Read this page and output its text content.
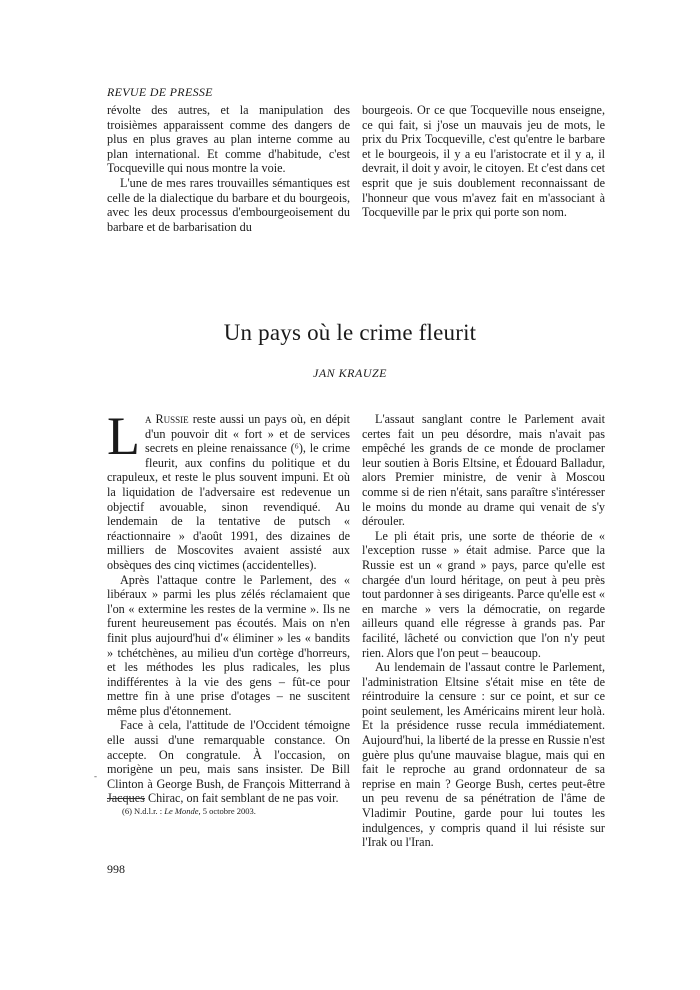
REVUE DE PRESSE

révolte des autres, et la manipulation des troisièmes apparaissent comme des dangers de plus en plus graves au plan interne comme au plan international. Et comme d'habitude, c'est Tocqueville qui nous montre la voie.

L'une de mes rares trouvailles sémantiques est celle de la dialectique du barbare et du bourgeois, avec les deux processus d'embourgeoisement du barbare et de barbarisation du

bourgeois. Or ce que Tocqueville nous enseigne, ce qui fait, si j'ose un mauvais jeu de mots, le prix du Prix Tocqueville, c'est qu'entre le barbare et le bourgeois, il y a eu l'aristocrate et il y a, il devrait, il doit y avoir, le citoyen. Et c'est dans cet esprit que je suis doublement reconnaissant de l'honneur que vous m'avez fait en m'associant à Tocqueville par le prix qui porte son nom.

Un pays où le crime fleurit
JAN KRAUZE

La Russie reste aussi un pays où, en dépit d'un pouvoir dit « fort » et de services secrets en pleine renaissance (⁶), le crime fleurit, aux confins du politique et du crapuleux, et reste le plus souvent impuni. Et où la liquidation de l'adversaire est redevenue un objectif avouable, sinon revendiqué. Au lendemain de la tentative de putsch « réactionnaire » d'août 1991, des dizaines de milliers de Moscovites avaient assisté aux obsèques des cinq victimes (accidentelles).

Après l'attaque contre le Parlement, des « libéraux » parmi les plus zélés réclamaient que l'on « extermine les restes de la vermine ». Ils ne furent heureusement pas écoutés. Mais on n'en finit plus aujourd'hui d'« éliminer » les « bandits » tchétchènes, au milieu d'un cortège d'horreurs, et les méthodes les plus radicales, les plus indifférentes à la vie des gens – fût-ce pour mettre fin à une prise d'otages – ne suscitent même plus d'étonnement.

Face à cela, l'attitude de l'Occident témoigne elle aussi d'une remarquable constance. On accepte. On congratule. À l'occasion, on morigène un peu, mais sans insister. De Bill Clinton à George Bush, de François Mitterrand à Jacques Chirac, on fait semblant de ne pas voir.

L'assaut sanglant contre le Parlement avait certes fait un peu désordre, mais n'avait pas empêché les grands de ce monde de proclamer leur soutien à Boris Eltsine, et Édouard Balladur, alors Premier ministre, de venir à Moscou comme si de rien n'était, sans paraître s'intéresser le moins du monde au drame qui venait de s'y dérouler.

Le pli était pris, une sorte de théorie de « l'exception russe » était admise. Parce que la Russie est un « grand » pays, parce qu'elle est chargée d'un lourd héritage, on peut à peu près tout pardonner à ses dirigeants. Parce qu'elle est « en marche » vers la démocratie, on regarde ailleurs quand elle régresse à grands pas. Par facilité, lâcheté ou conviction que l'on n'y peut rien. Alors que l'on peut – beaucoup.

Au lendemain de l'assaut contre le Parlement, l'administration Eltsine s'était mise en tête de réintroduire la censure : sur ce point, et sur ce point seulement, les Américains mirent leur holà. Et la présidence russe recula immédiatement. Aujourd'hui, la liberté de la presse en Russie n'est guère plus qu'une mauvaise blague, mais qui en fait le reproche au grand ordonnateur de sa reprise en main ? George Bush, certes peut-être un peu revenu de sa pénétration de l'âme de Vladimir Poutine, garde pour lui toutes les indulgences, y compris quand il lui résiste sur l'Irak ou l'Iran.

-
(6) N.d.l.r. : Le Monde, 5 octobre 2003.
998
